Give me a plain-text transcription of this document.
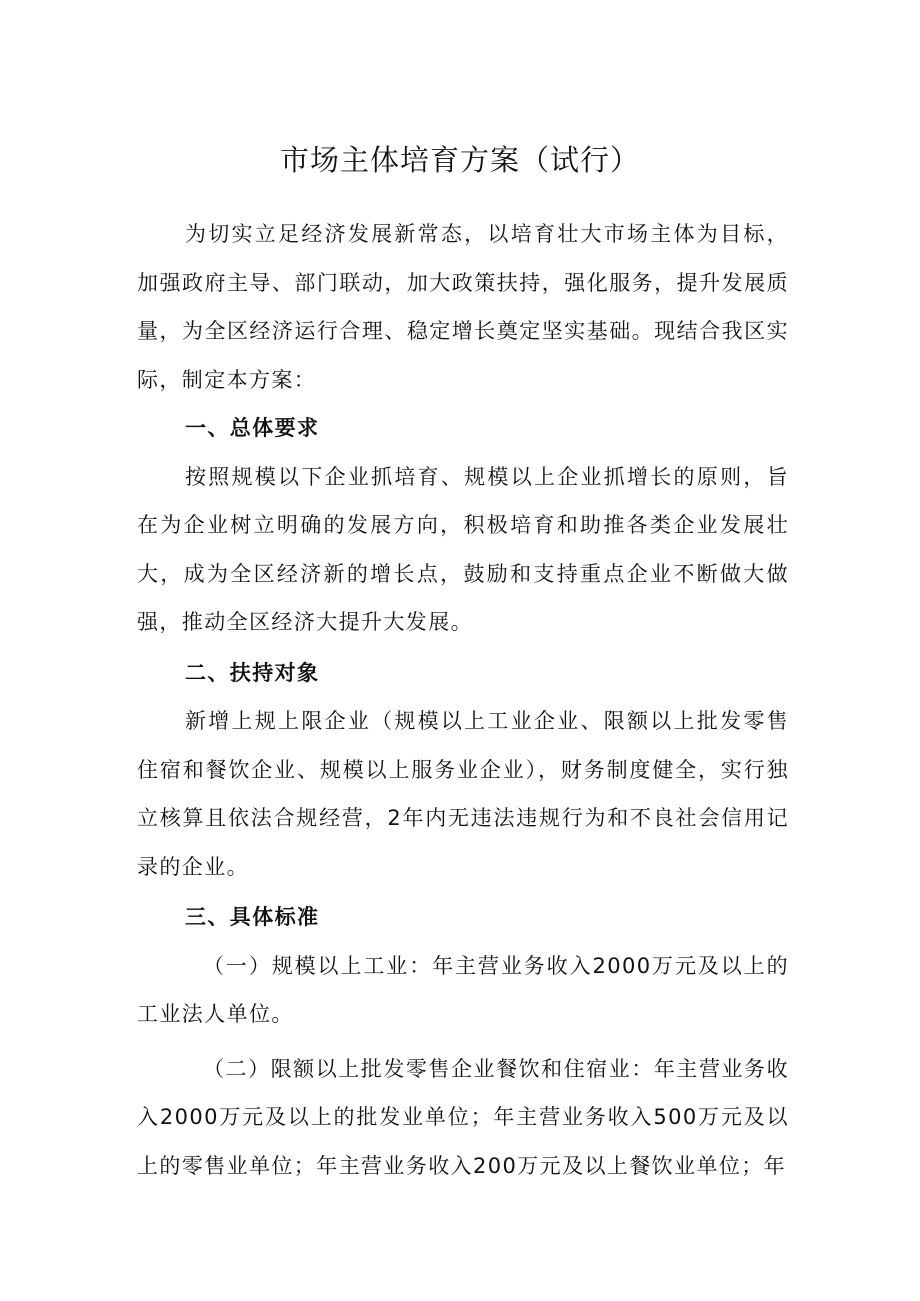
市场主体培育方案（试行）

为切实立足经济发展新常态，以培育壮大市场主体为目标，加强政府主导、部门联动，加大政策扶持，强化服务，提升发展质量，为全区经济运行合理、稳定增长奠定坚实基础。现结合我区实际，制定本方案：

一、总体要求

按照规模以下企业抓培育、规模以上企业抓增长的原则，旨在为企业树立明确的发展方向，积极培育和助推各类企业发展壮大，成为全区经济新的增长点，鼓励和支持重点企业不断做大做强，推动全区经济大提升大发展。

二、扶持对象

新增上规上限企业（规模以上工业企业、限额以上批发零售住宿和餐饮企业、规模以上服务业企业），财务制度健全，实行独立核算且依法合规经营，2年内无违法违规行为和不良社会信用记录的企业。

三、具体标准

（一）规模以上工业：年主营业务收入2000万元及以上的工业法人单位。

（二）限额以上批发零售企业餐饮和住宿业：年主营业务收入2000万元及以上的批发业单位；年主营业务收入500万元及以上的零售业单位；年主营业务收入200万元及以上餐饮业单位；年
